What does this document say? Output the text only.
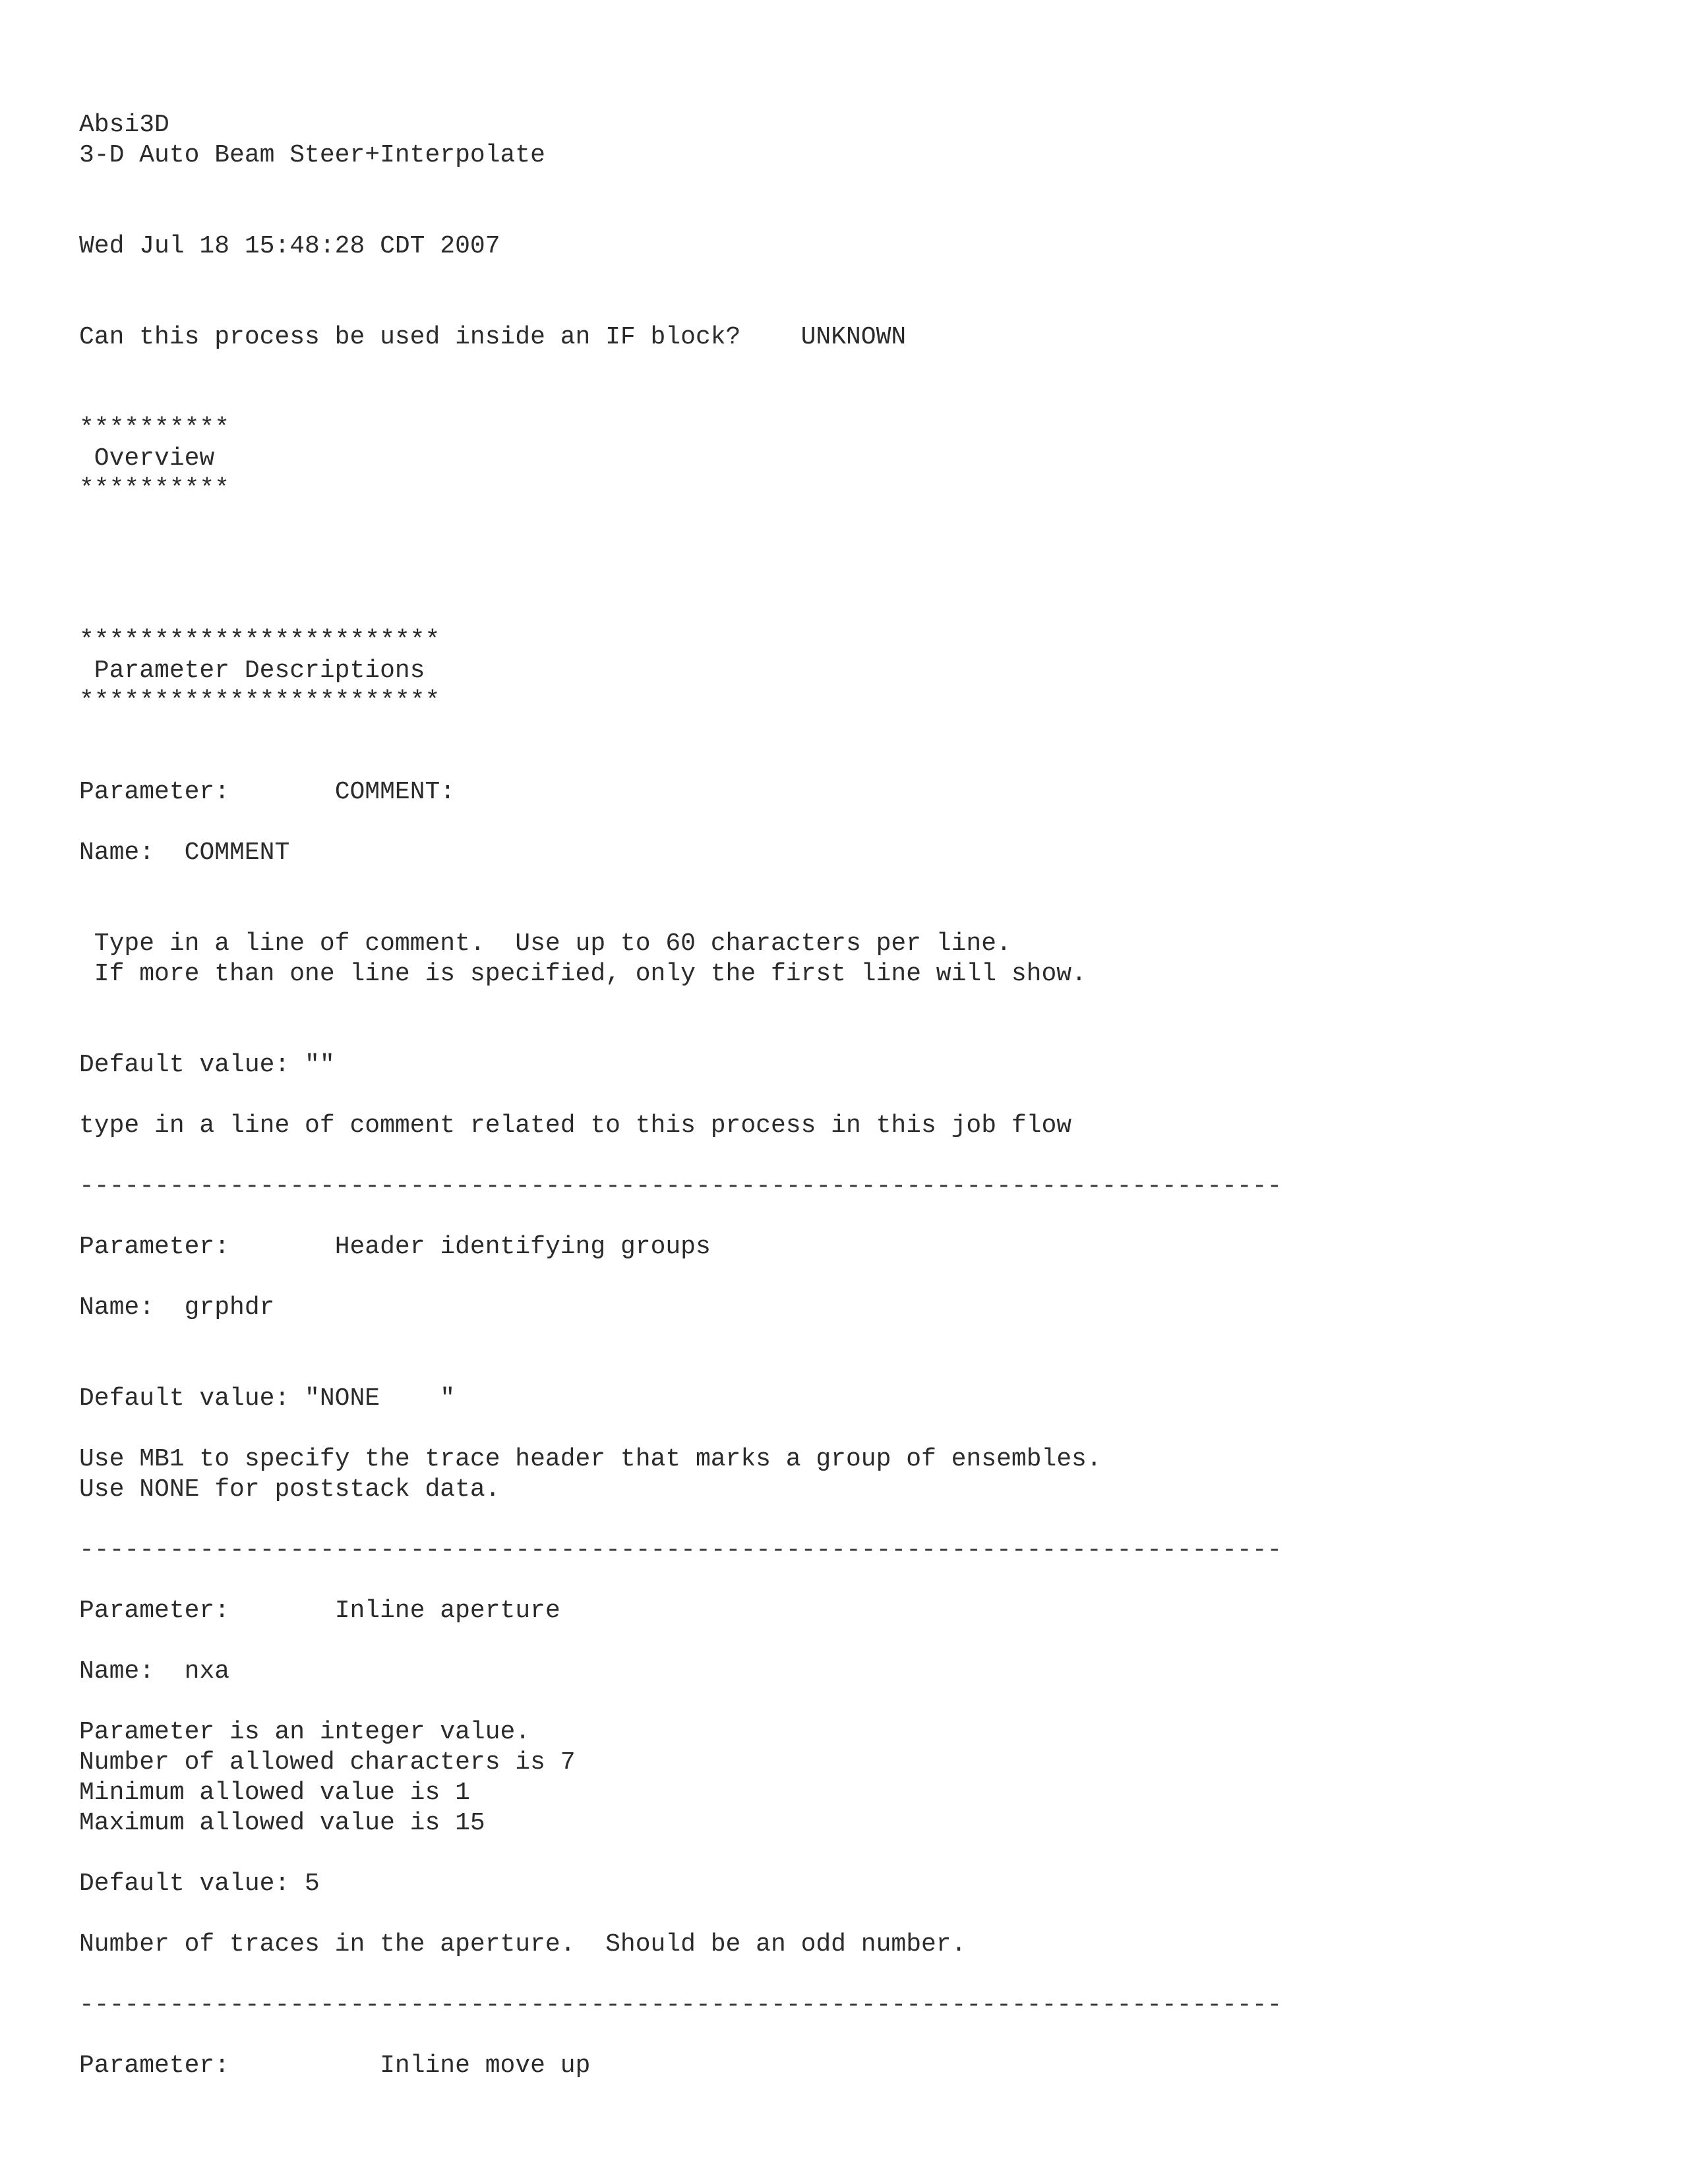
Absi3D
3-D Auto Beam Steer+Interpolate
Wed Jul 18 15:48:28 CDT 2007
Can this process be used inside an IF block? UNKNOWN
**********
Overview
**********
************************
Parameter Descriptions
************************
Parameter:	COMMENT:
Name: COMMENT
Type in a line of comment.  Use up to 60 characters per line.
If more than one line is specified, only the first line will show.
Default value: ""
type in a line of comment related to this process in this job flow
--------------------------------------------------------------------------------
Parameter:	Header identifying groups
Name: grphdr
Default value: "NONE    "
Use MB1 to specify the trace header that marks a group of ensembles.
Use NONE for poststack data.
--------------------------------------------------------------------------------
Parameter:	Inline aperture
Name: nxa
Parameter is an integer value.
Number of allowed characters is 7
Minimum allowed value is 1
Maximum allowed value is 15
Default value: 5
Number of traces in the aperture.  Should be an odd number.
--------------------------------------------------------------------------------
Parameter:	Inline move up
